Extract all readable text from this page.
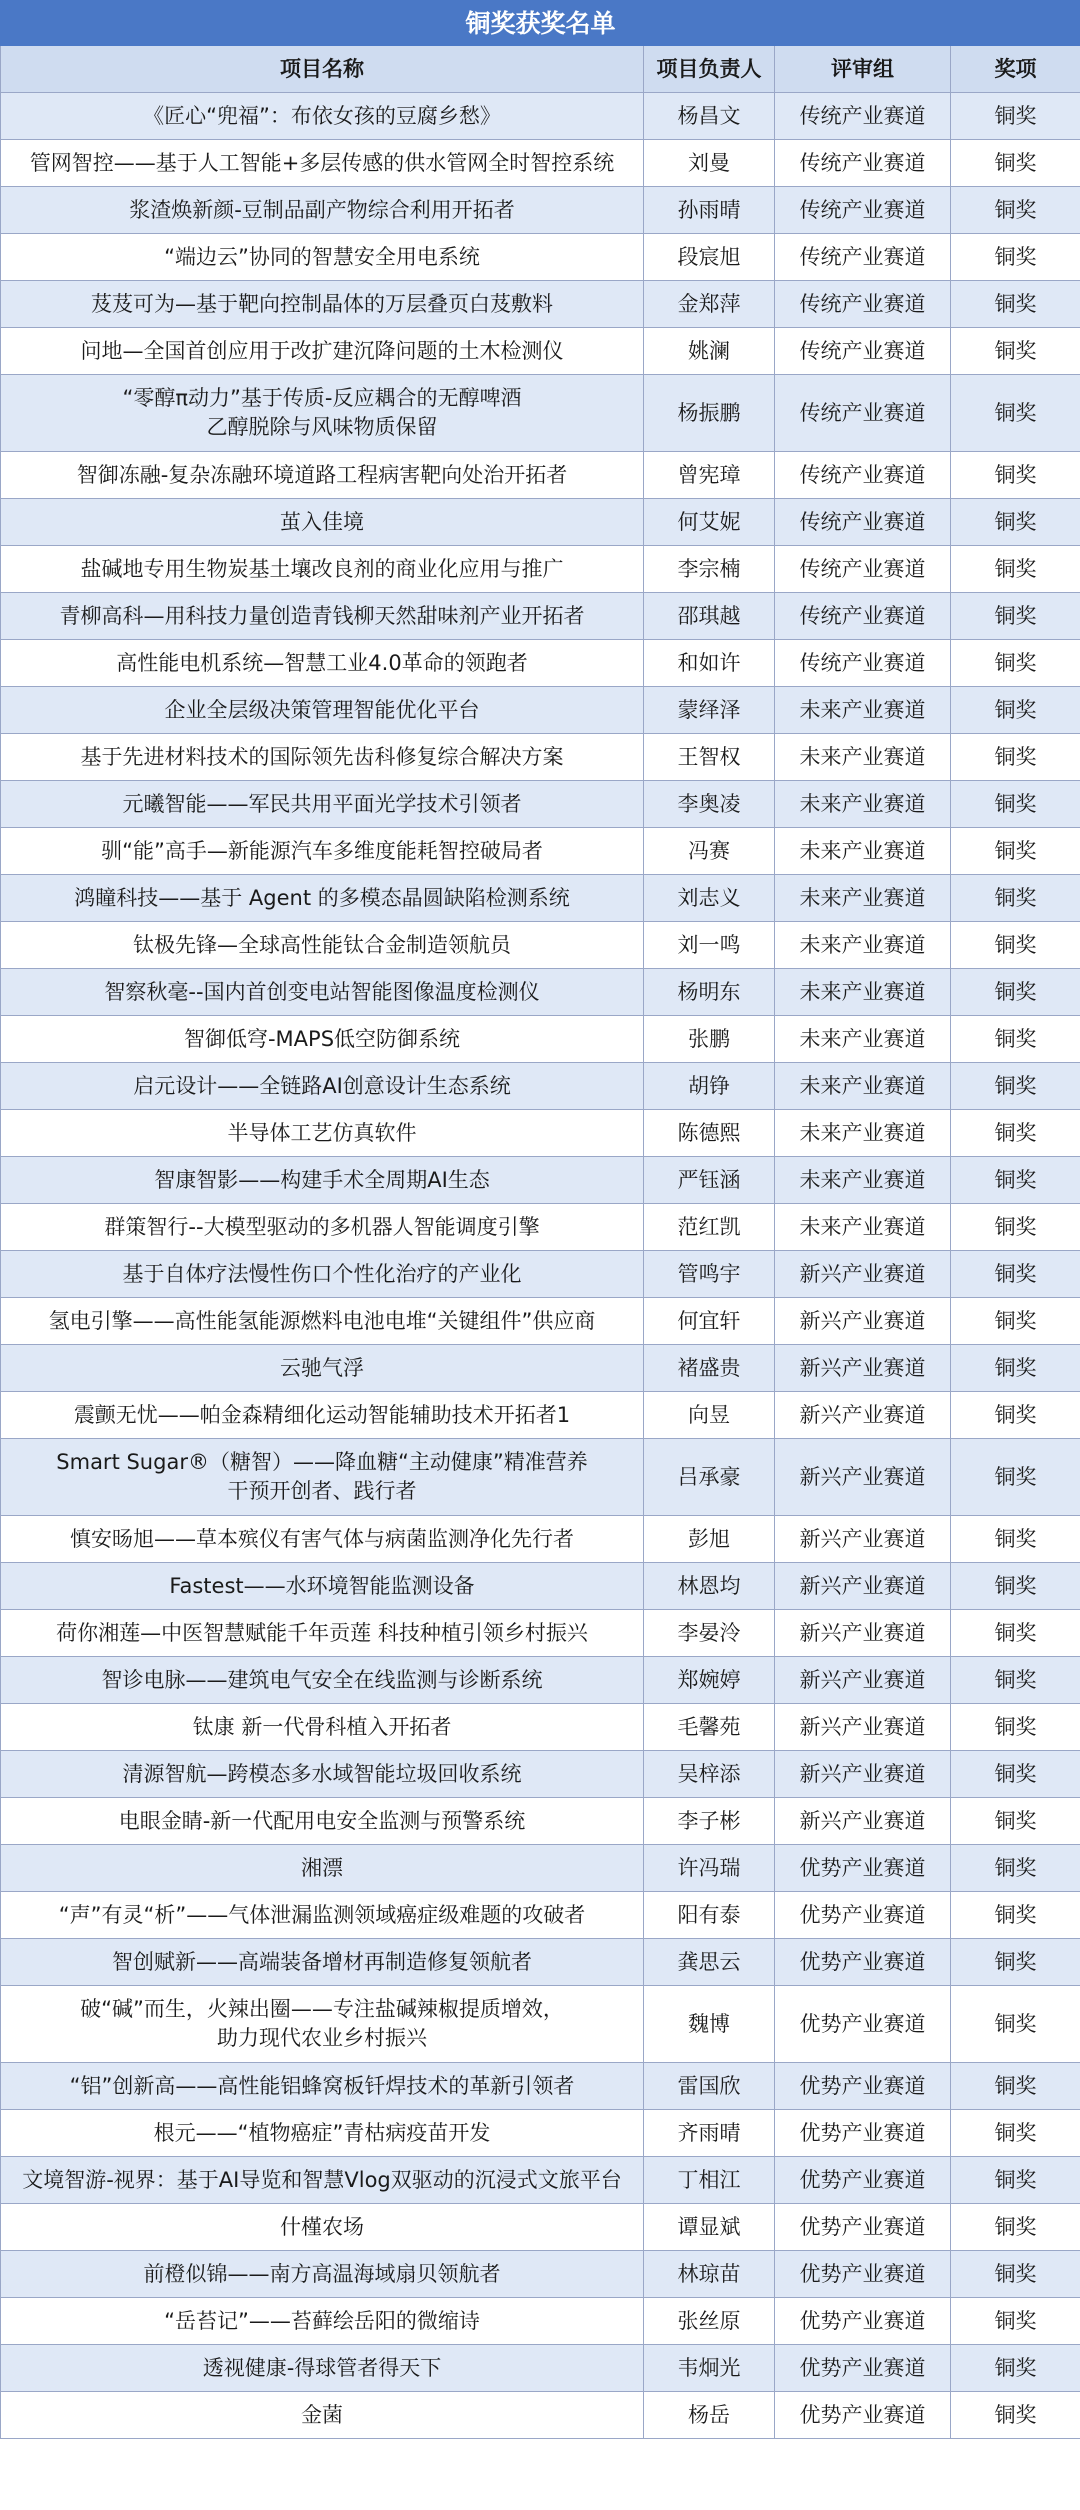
铜奖获奖名单			
项目名称	项目负责人	评审组	奖项
《匠心“兜福”：布依女孩的豆腐乡愁》	杨昌文	传统产业赛道	铜奖
管网智控——基于人工智能+多层传感的供水管网全时智控系统	刘曼	传统产业赛道	铜奖
浆渣焕新颜-豆制品副产物综合利用开拓者	孙雨晴	传统产业赛道	铜奖
“端边云”协同的智慧安全用电系统	段宸旭	传统产业赛道	铜奖
芨芨可为—基于靶向控制晶体的万层叠页白芨敷料	金郑萍	传统产业赛道	铜奖
问地—全国首创应用于改扩建沉降问题的土木检测仪	姚澜	传统产业赛道	铜奖
“零醇π动力”基于传质-反应耦合的无醇啤酒
乙醇脱除与风味物质保留	杨振鹏	传统产业赛道	铜奖
智御冻融-复杂冻融环境道路工程病害靶向处治开拓者	曾宪璋	传统产业赛道	铜奖
茧入佳境	何艾妮	传统产业赛道	铜奖
盐碱地专用生物炭基土壤改良剂的商业化应用与推广	李宗楠	传统产业赛道	铜奖
青柳高科—用科技力量创造青钱柳天然甜味剂产业开拓者	邵琪越	传统产业赛道	铜奖
高性能电机系统—智慧工业4.0革命的领跑者	和如许	传统产业赛道	铜奖
企业全层级决策管理智能优化平台	蒙绎泽	未来产业赛道	铜奖
基于先进材料技术的国际领先齿科修复综合解决方案	王智权	未来产业赛道	铜奖
元曦智能——军民共用平面光学技术引领者	李奥凌	未来产业赛道	铜奖
驯“能”高手—新能源汽车多维度能耗智控破局者	冯赛	未来产业赛道	铜奖
鸿瞳科技——基于 Agent 的多模态晶圆缺陷检测系统	刘志义	未来产业赛道	铜奖
钛极先锋—全球高性能钛合金制造领航员	刘一鸣	未来产业赛道	铜奖
智察秋毫--国内首创变电站智能图像温度检测仪	杨明东	未来产业赛道	铜奖
智御低穹-MAPS低空防御系统	张鹏	未来产业赛道	铜奖
启元设计——全链路AI创意设计生态系统	胡铮	未来产业赛道	铜奖
半导体工艺仿真软件	陈德熙	未来产业赛道	铜奖
智康智影——构建手术全周期AI生态	严钰涵	未来产业赛道	铜奖
群策智行--大模型驱动的多机器人智能调度引擎	范红凯	未来产业赛道	铜奖
基于自体疗法慢性伤口个性化治疗的产业化	管鸣宇	新兴产业赛道	铜奖
氢电引擎——高性能氢能源燃料电池电堆“关键组件”供应商	何宜轩	新兴产业赛道	铜奖
云驰气浮	褚盛贵	新兴产业赛道	铜奖
震颤无忧——帕金森精细化运动智能辅助技术开拓者1	向昱	新兴产业赛道	铜奖
Smart Sugar®（糖智）——降血糖“主动健康”精准营养
干预开创者、践行者	吕承豪	新兴产业赛道	铜奖
慎安旸旭——草本殡仪有害气体与病菌监测净化先行者	彭旭	新兴产业赛道	铜奖
Fastest——水环境智能监测设备	林恩均	新兴产业赛道	铜奖
荷你湘莲—中医智慧赋能千年贡莲 科技种植引领乡村振兴	李晏泠	新兴产业赛道	铜奖
智诊电脉——建筑电气安全在线监测与诊断系统	郑婉婷	新兴产业赛道	铜奖
钛康 新一代骨科植入开拓者	毛馨苑	新兴产业赛道	铜奖
清源智航—跨模态多水域智能垃圾回收系统	吴梓添	新兴产业赛道	铜奖
电眼金睛-新一代配用电安全监测与预警系统	李子彬	新兴产业赛道	铜奖
湘漂	许冯瑞	优势产业赛道	铜奖
“声”有灵“析”——气体泄漏监测领域癌症级难题的攻破者	阳有泰	优势产业赛道	铜奖
智创赋新——高端装备增材再制造修复领航者	龚思云	优势产业赛道	铜奖
破“碱”而生，火辣出圈——专注盐碱辣椒提质增效，
助力现代农业乡村振兴	魏博	优势产业赛道	铜奖
“铝”创新高——高性能铝蜂窝板钎焊技术的革新引领者	雷国欣	优势产业赛道	铜奖
根元——“植物癌症”青枯病疫苗开发	齐雨晴	优势产业赛道	铜奖
文境智游-视界：基于AI导览和智慧Vlog双驱动的沉浸式文旅平台	丁相江	优势产业赛道	铜奖
什槿农场	谭显斌	优势产业赛道	铜奖
前橙似锦——南方高温海域扇贝领航者	林琼苗	优势产业赛道	铜奖
“岳苔记”——苔藓绘岳阳的微缩诗	张丝原	优势产业赛道	铜奖
透视健康-得球管者得天下	韦炯光	优势产业赛道	铜奖
金菌	杨岳	优势产业赛道	铜奖
